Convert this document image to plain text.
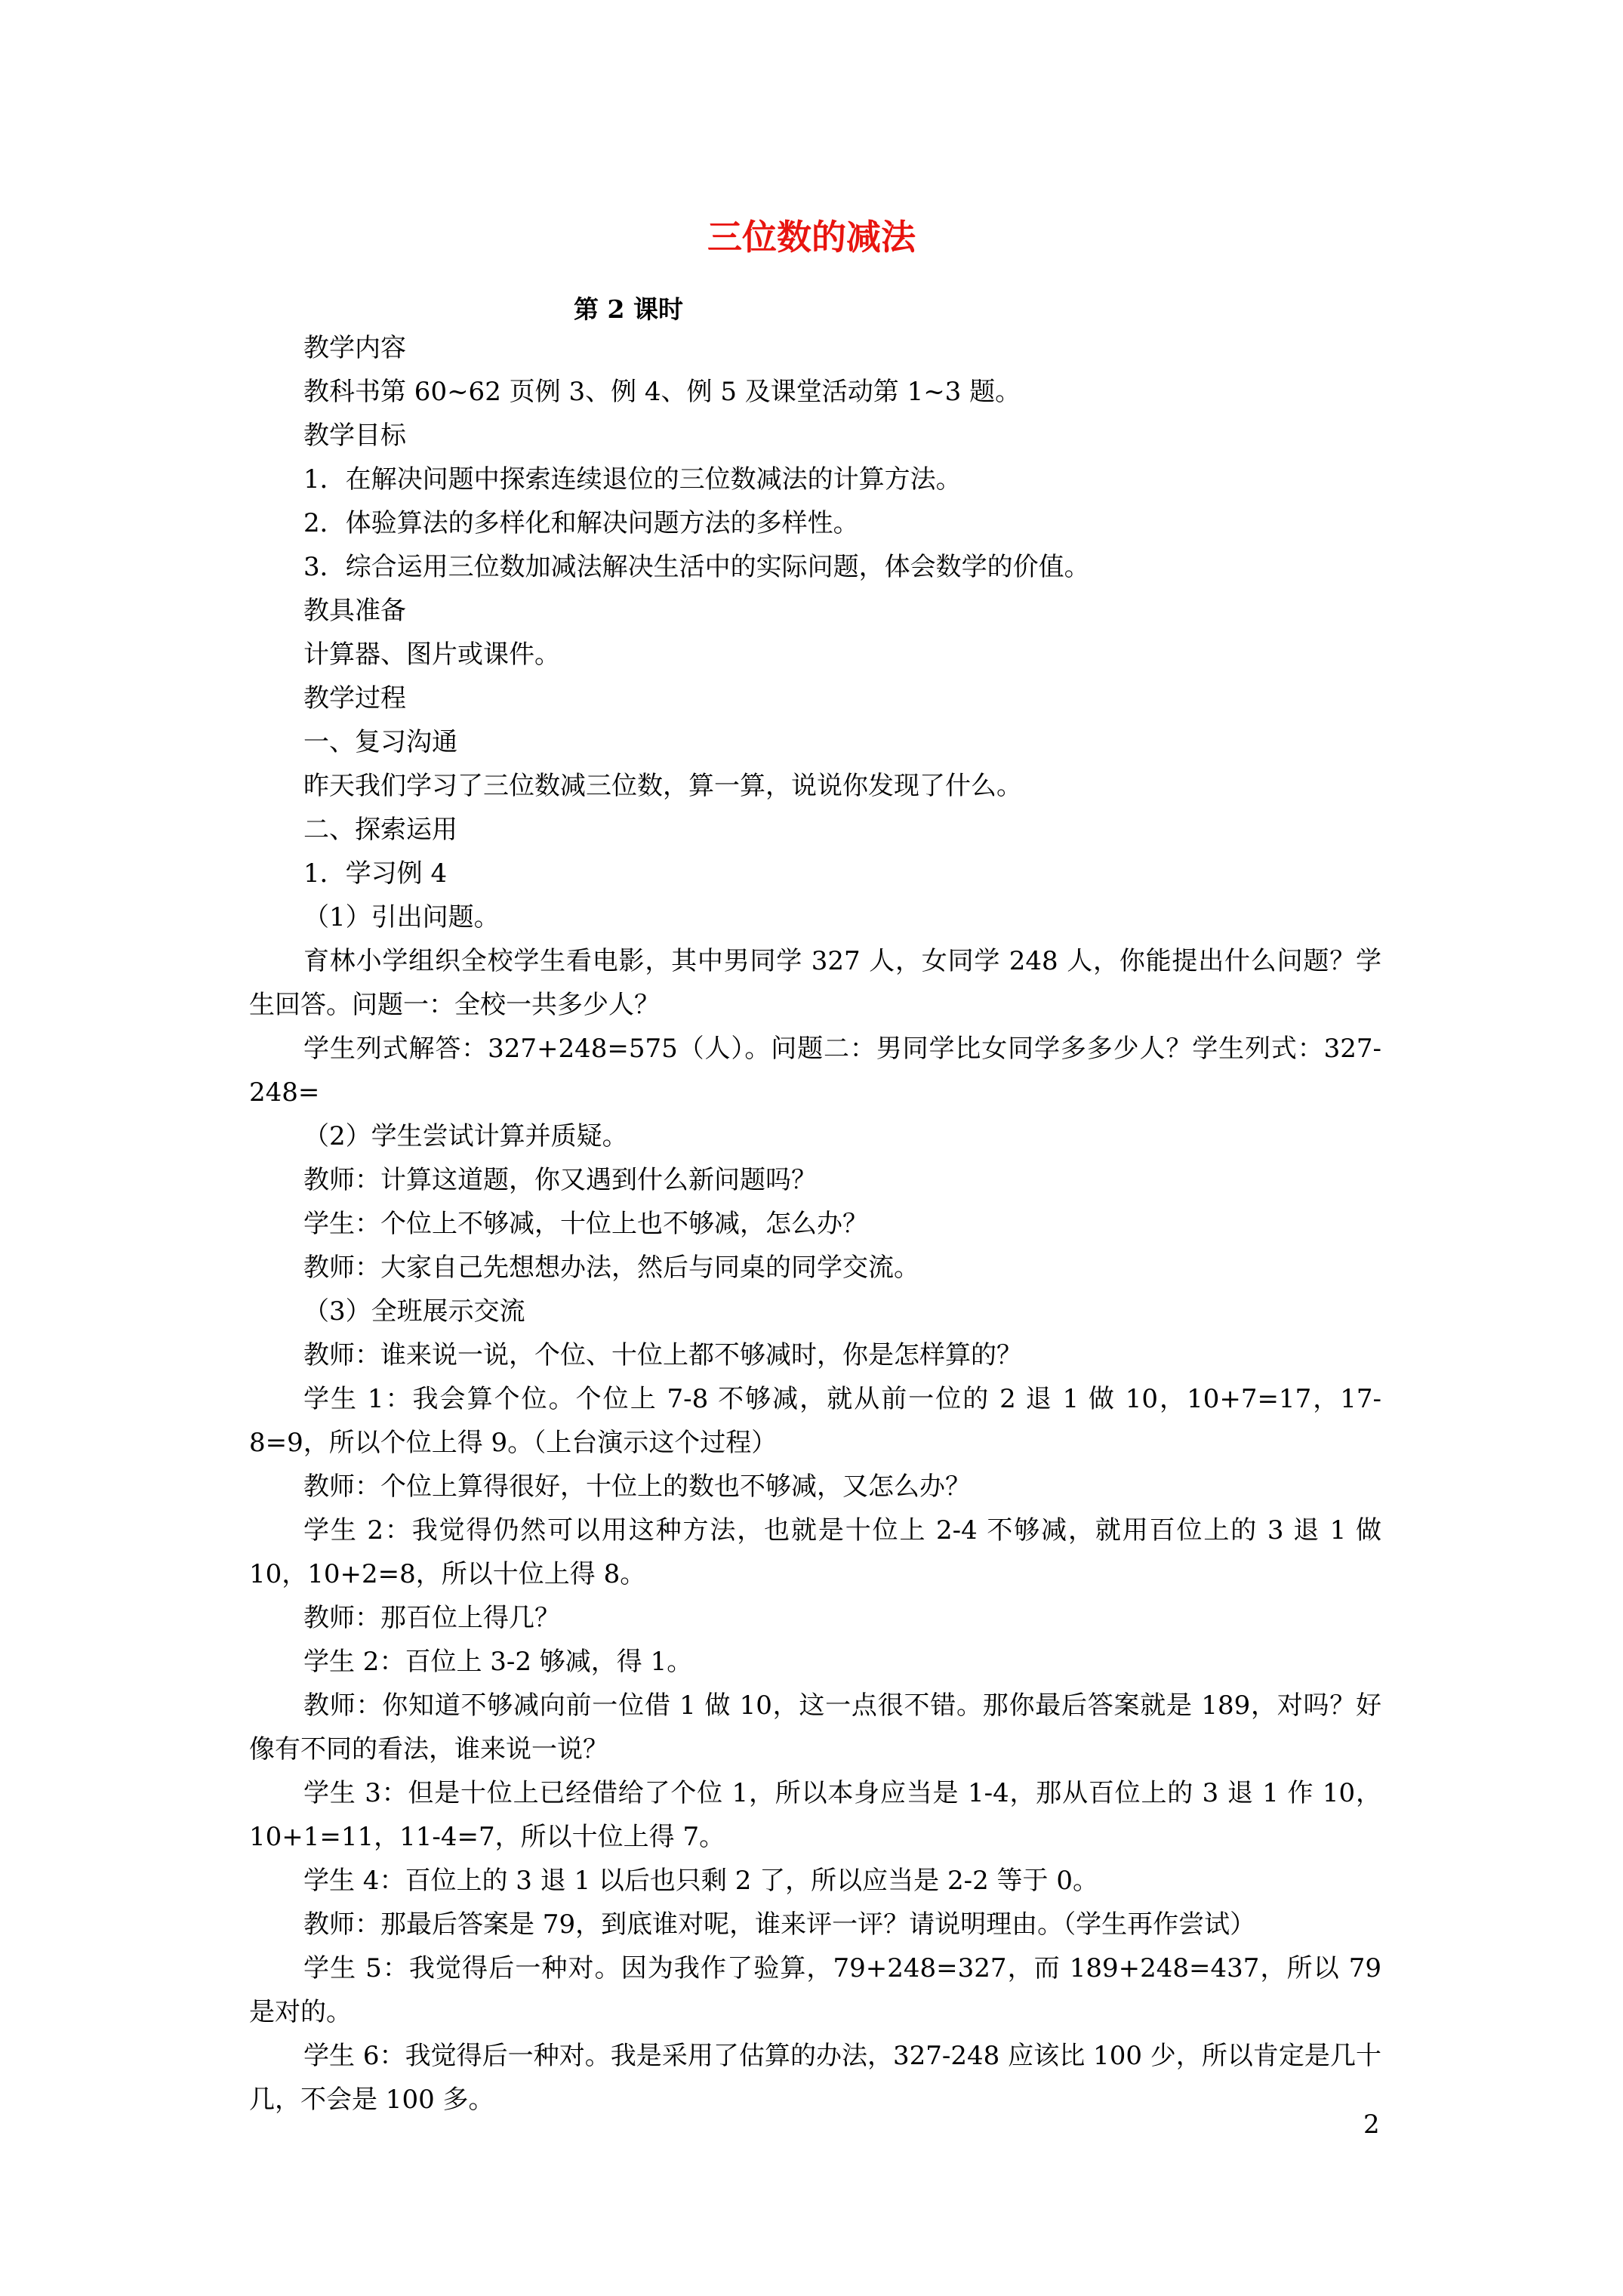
三位数的减法
第 2 课时

教学内容

教科书第 60~62 页例 3、例 4、例 5 及课堂活动第 1~3 题。

教学目标

1．在解决问题中探索连续退位的三位数减法的计算方法。

2．体验算法的多样化和解决问题方法的多样性。

3．综合运用三位数加减法解决生活中的实际问题，体会数学的价值。

教具准备

计算器、图片或课件。

教学过程

一、复习沟通

昨天我们学习了三位数减三位数，算一算，说说你发现了什么。

二、探索运用

1．学习例 4

（1）引出问题。

育林小学组织全校学生看电影，其中男同学 327 人，女同学 248 人，你能提出什么问题？学生回答。问题一：全校一共多少人？

学生列式解答：327+248=575（人）。问题二：男同学比女同学多多少人？学生列式：327-248=

（2）学生尝试计算并质疑。

教师：计算这道题，你又遇到什么新问题吗？

学生：个位上不够减，十位上也不够减，怎么办？

教师：大家自己先想想办法，然后与同桌的同学交流。

（3）全班展示交流

教师：谁来说一说，个位、十位上都不够减时，你是怎样算的？

学生 1：我会算个位。个位上 7-8 不够减，就从前一位的 2 退 1 做 10，10+7=17，17-8=9，所以个位上得 9。（上台演示这个过程）

教师：个位上算得很好，十位上的数也不够减，又怎么办？

学生 2：我觉得仍然可以用这种方法，也就是十位上 2-4 不够减，就用百位上的 3 退 1 做 10，10+2=8，所以十位上得 8。

教师：那百位上得几？

学生 2：百位上 3-2 够减，得 1。

教师：你知道不够减向前一位借 1 做 10，这一点很不错。那你最后答案就是 189，对吗？好像有不同的看法，谁来说一说？

学生 3：但是十位上已经借给了个位 1，所以本身应当是 1-4，那从百位上的 3 退 1 作 10，10+1=11，11-4=7，所以十位上得 7。

学生 4：百位上的 3 退 1 以后也只剩 2 了，所以应当是 2-2 等于 0。

教师：那最后答案是 79，到底谁对呢，谁来评一评？请说明理由。（学生再作尝试）

学生 5：我觉得后一种对。因为我作了验算，79+248=327，而 189+248=437，所以 79 是对的。

学生 6：我觉得后一种对。我是采用了估算的办法，327-248 应该比 100 少，所以肯定是几十几，不会是 100 多。

2
